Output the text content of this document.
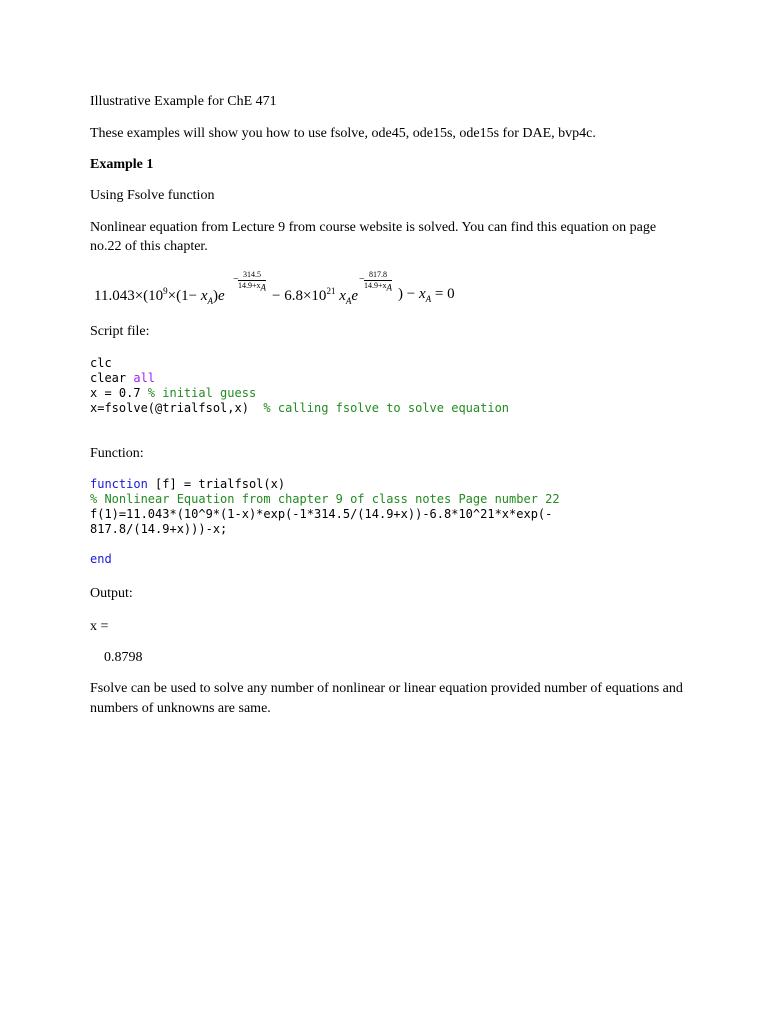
Illustrative Example for ChE 471
These examples will show you how to use fsolve, ode45, ode15s, ode15s for DAE, bvp4c.
Example 1
Using Fsolve function
Nonlinear equation from Lecture 9 from course website is solved. You can find this equation on page
no.22 of this chapter.
$11.043\times(10^9\times(1- x_A)e$
− $\frac{314.5}{14.9+x_A}$
− $6.8\times 10^{21}$ $x_Ae$
− $\frac{817.8}{14.9+x_A}$
) − $x_A = 0$
Script file:
clc
clear all
x = 0.7 % initial guess
x=fsolve(@trialfsol,x)  % calling fsolve to solve equation
Function:
function [f] = trialfsol(x)
% Nonlinear Equation from chapter 9 of class notes Page number 22
f(1)=11.043*(10^9*(1-x)*exp(-1*314.5/(14.9+x))-6.8*10^21*x*exp(-
817.8/(14.9+x)))-x;
end
Output:
x =
0.8798
Fsolve can be used to solve any number of nonlinear or linear equation provided number of equations and
numbers of unknowns are same.
